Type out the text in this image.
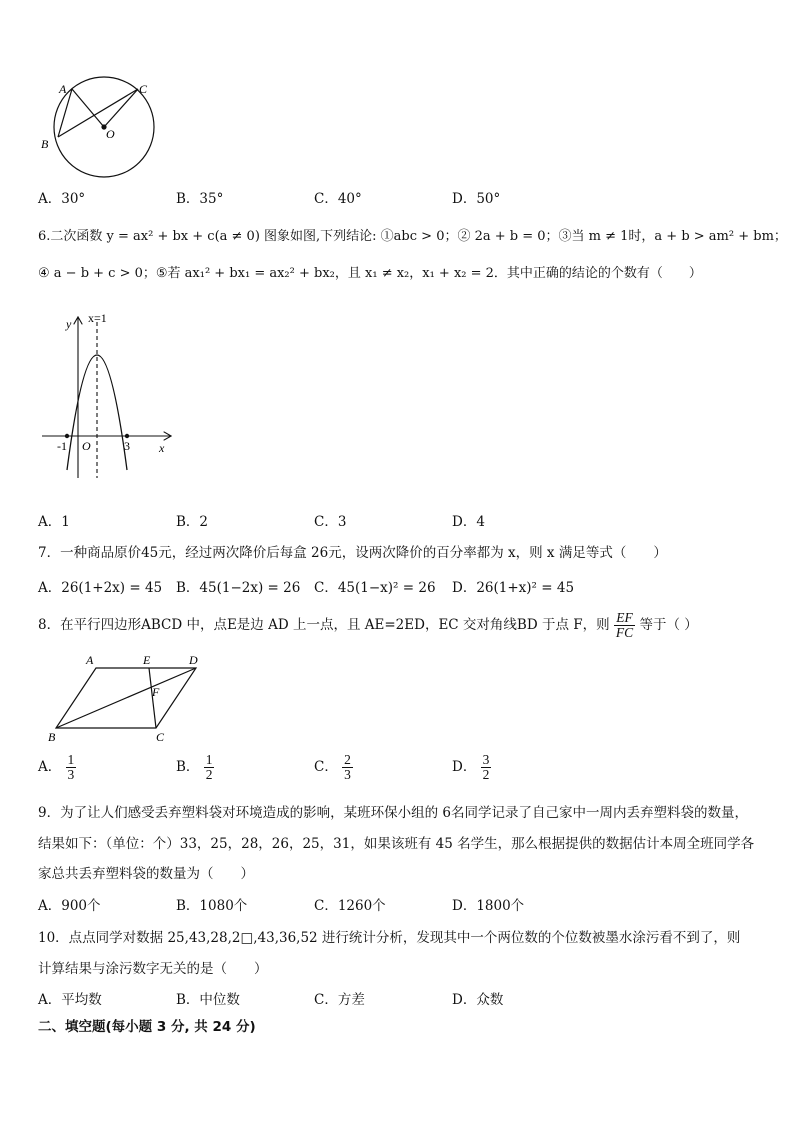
A	C
B
O
A．30°	B．35°	C．40°	D．50°
6.二次函数 y = ax² + bx + c(a ≠ 0) 图象如图,下列结论: ①abc > 0；② 2a + b = 0；③当 m ≠ 1时，a + b > am² + bm；
④ a − b + c > 0；⑤若 ax₁² + bx₁ = ax₂² + bx₂，且 x₁ ≠ x₂，x₁ + x₂ = 2．其中正确的结论的个数有（　　）
y x=1
x
O
-1	3
A．1	B．2	C．3	D．4
7．一种商品原价45元，经过两次降价后每盒 26元，设两次降价的百分率都为 x，则 x 满足等式（　　）
A．26(1+2x) = 45 B．45(1−2x) = 26 C．45(1−x)² = 26 D．26(1+x)² = 45
8．在平行四边形ABCD 中，点E是边 AD 上一点，且 AE=2ED，EC 交对角线BD 于点 F，则 $\frac{EF}{FC}$ 等于（ ）
A	E	D
F
B	C
A． $\frac{1}{3}$	B． $\frac{1}{2}$	C． $\frac{2}{3}$	D． $\frac{3}{2}$
9．为了让人们感受丢弃塑料袋对环境造成的影响，某班环保小组的 6名同学记录了自己家中一周内丢弃塑料袋的数量，
结果如下：（单位：个）33，25，28，26，25，31，如果该班有 45 名学生，那么根据提供的数据估计本周全班同学各
家总共丢弃塑料袋的数量为（　　）
A．900个	B．1080个	C．1260个	D．1800个
10．点点同学对数据 25,43,28,2□,43,36,52 进行统计分析，发现其中一个两位数的个位数被墨水涂污看不到了，则
计算结果与涂污数字无关的是（　　）
A．平均数	B．中位数	C．方差	D．众数
二、填空题(每小题 3 分, 共 24 分)
